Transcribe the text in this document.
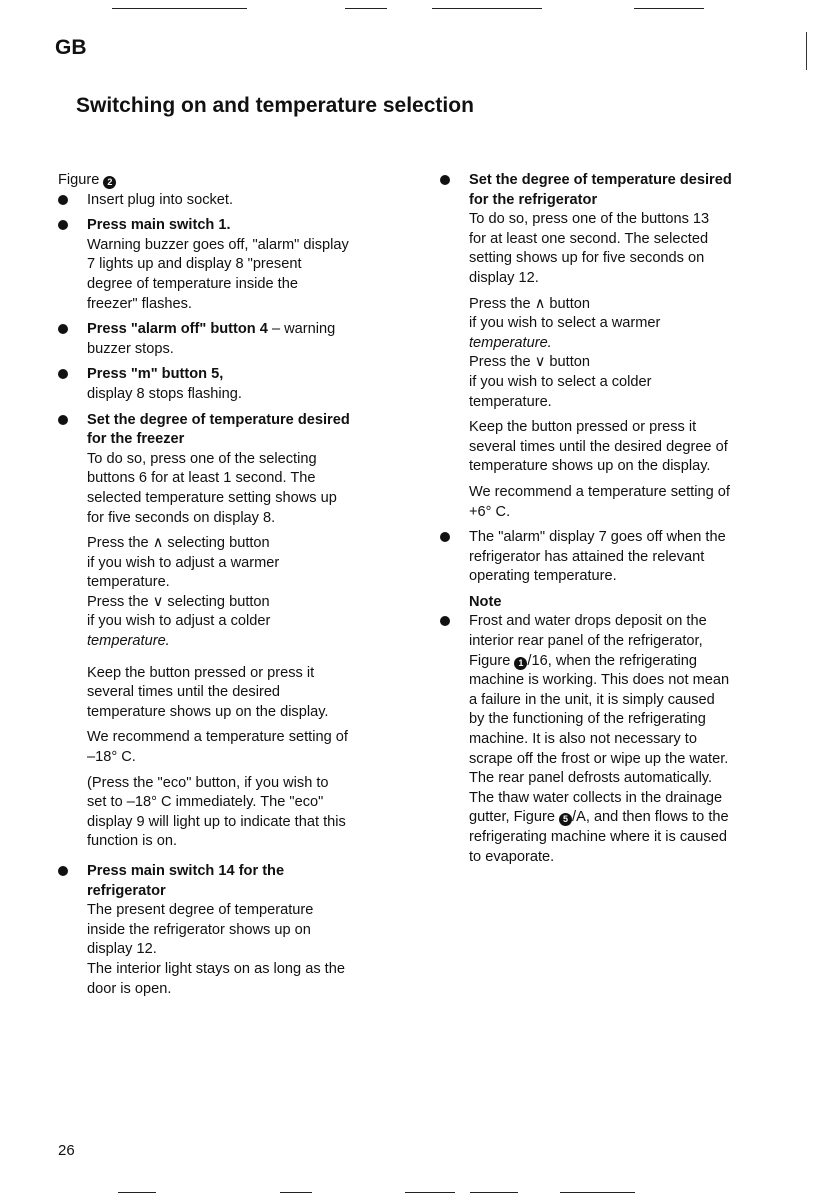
GB
Switching on and temperature selection

Figure 2

Insert plug into socket.

Press main switch 1.

Warning buzzer goes off, "alarm" display

7 lights up and display 8 "present

degree of temperature inside the

freezer" flashes.

Press "alarm off" button 4 – warning

buzzer stops.

Press "m" button 5,

display 8 stops flashing.

Set the degree of temperature desired

for the freezer

To do so, press one of the selecting

buttons 6 for at least 1 second. The

selected temperature setting shows up

for five seconds on display 8.

Press the ∧ selecting button

if you wish to adjust a warmer

temperature.

Press the ∨ selecting button

if you wish to adjust a colder

temperature.

Keep the button pressed or press it

several times until the desired

temperature shows up on the display.

We recommend a temperature setting of

–18° C.

(Press the "eco" button, if you wish to

set to –18° C immediately. The "eco"

display 9 will light up to indicate that this

function is on.

Press main switch 14 for the

refrigerator

The present degree of temperature

inside the refrigerator shows up on

display 12.

The interior light stays on as long as the

door is open.

Set the degree of temperature desired

for the refrigerator

To do so, press one of the buttons 13

for at least one second. The selected

setting shows up for five seconds on

display 12.

Press the ∧ button

if you wish to select a warmer

temperature.

Press the ∨ button

if you wish to select a colder

temperature.

Keep the button pressed or press it

several times until the desired degree of

temperature shows up on the display.

We recommend a temperature setting of

+6° C.

The "alarm" display 7 goes off when the

refrigerator has attained the relevant

operating temperature.

Note

Frost and water drops deposit on the

interior rear panel of the refrigerator,

Figure 1 /16, when the refrigerating

machine is working. This does not mean

a failure in the unit, it is simply caused

by the functioning of the refrigerating

machine. It is also not necessary to

scrape off the frost or wipe up the water.

The rear panel defrosts automatically.

The thaw water collects in the drainage

gutter, Figure 5 /A, and then flows to the

refrigerating machine where it is caused

to evaporate.

26
